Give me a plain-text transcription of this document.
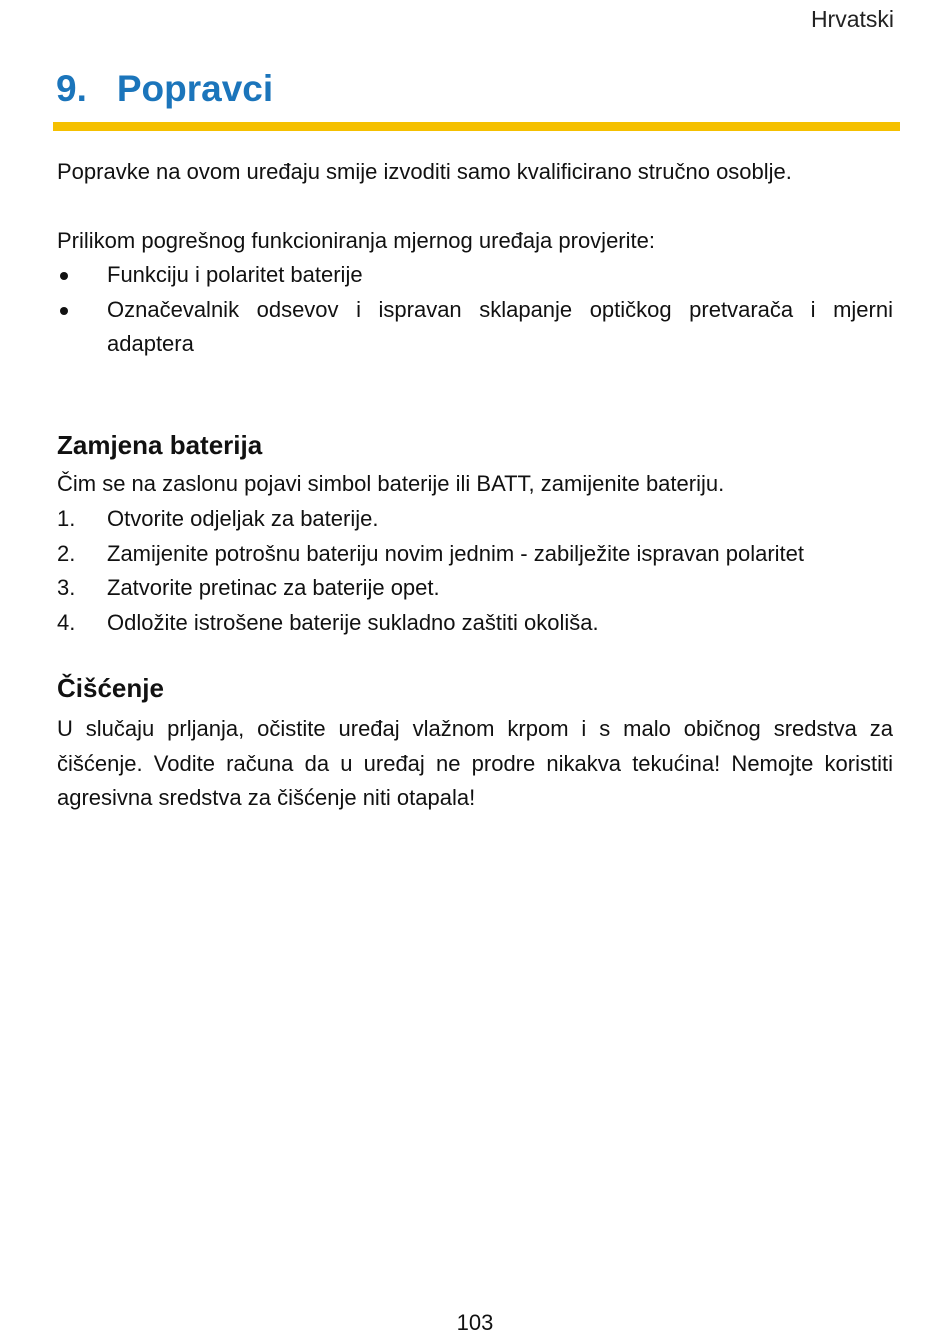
Hrvatski
9. Popravci
Popravke na ovom uređaju smije izvoditi samo kvalificirano stručno osoblje.
Prilikom pogrešnog funkcioniranja mjernog uređaja provjerite:
Funkciju i polaritet baterije
Označevalnik odsevov i ispravan sklapanje optičkog pretvarača i mjerni adaptera
Zamjena baterija
Čim se na zaslonu pojavi simbol baterije ili BATT, zamijenite bateriju.
1.	Otvorite odjeljak za baterije.
2.	Zamijenite potrošnu bateriju novim jednim - zabilježite ispravan polaritet
3.	Zatvorite pretinac za baterije opet.
4.	Odložite istrošene baterije sukladno zaštiti okoliša.
Čišćenje
U slučaju prljanja, očistite uređaj vlažnom krpom i s malo običnog sredstva za čišćenje. Vodite računa da u uređaj ne prodre nikakva tekućina! Nemojte koristiti agresivna sredstva za čišćenje niti otapala!
103
